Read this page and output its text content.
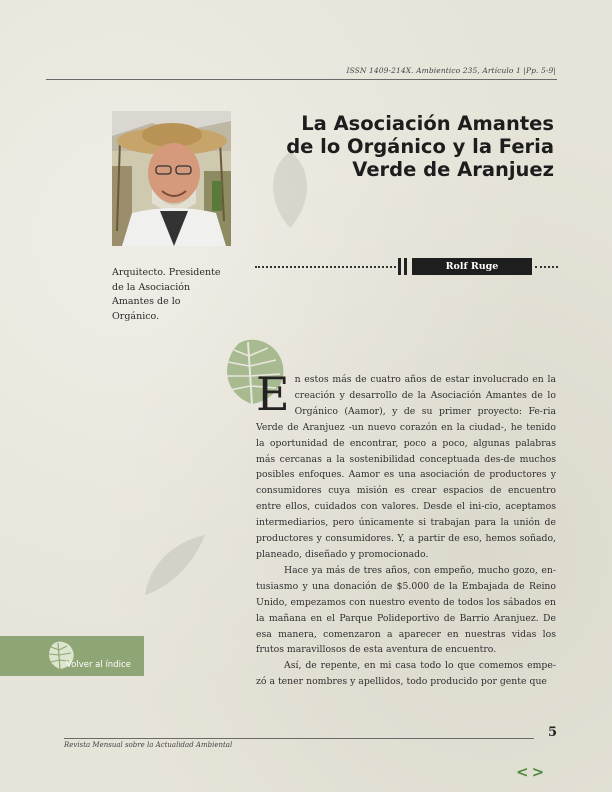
ISSN 1409-214X. Ambientico 235, Artículo 1 |Pp. 5-9|
La Asociación Amantes
de lo Orgánico y la Feria
Verde de Aranjuez
Rolf Ruge
Arquitecto. Presidente
de la Asociación
Amantes de lo
Orgánico.

En estos más de cuatro años de estar involucrado en la creación y desarrollo de la Asociación Amantes de lo Orgánico (Aamor), y de su primer proyecto: Fe-ria Verde de Aranjuez -un nuevo corazón en la ciudad-, he tenido la oportunidad de encontrar, poco a poco, algunas palabras más cercanas a la sostenibilidad conceptuada des-de muchos posibles enfoques. Aamor es una asociación de productores y consumidores cuya misión es crear espacios de encuentro entre ellos, cuidados con valores. Desde el ini-cio, aceptamos intermediarios, pero únicamente si trabajan para la unión de productores y consumidores. Y, a partir de eso, hemos soñado, planeado, diseñado y promocionado.

Hace ya más de tres años, con empeño, mucho gozo, en-tusiasmo y una donación de $5.000 de la Embajada de Reino Unido, empezamos con nuestro evento de todos los sábados en la mañana en el Parque Polideportivo de Barrio Aranjuez. De esa manera, comenzaron a aparecer en nuestras vidas los frutos maravillosos de esta aventura de encuentro.

Así, de repente, en mi casa todo lo que comemos empe-zó a tener nombres y apellidos, todo producido por gente que

Volver al índice
5
Revista Mensual sobre la Actualidad Ambiental
<>
